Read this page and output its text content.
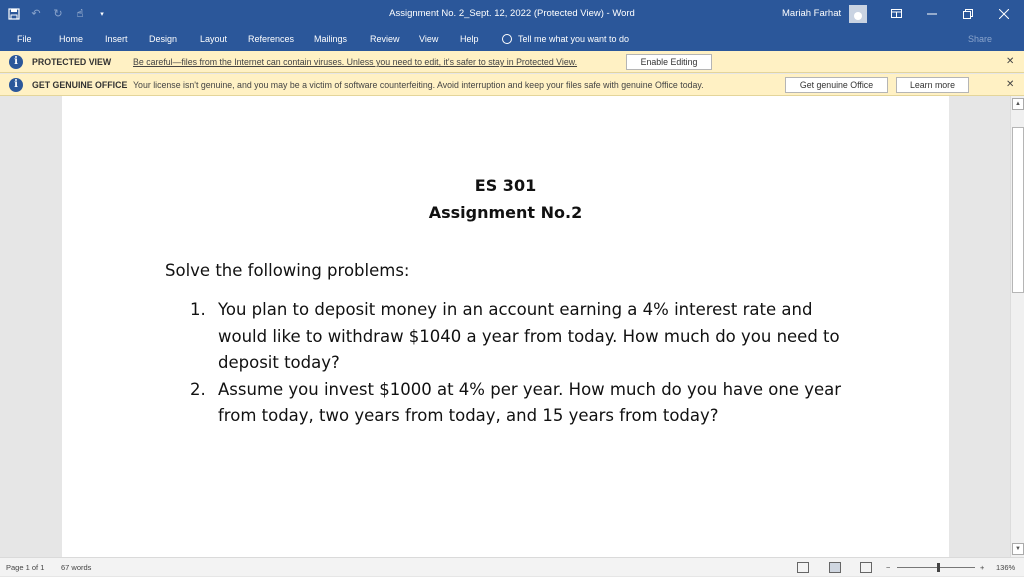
↶	↻	☝	▾	Assignment No. 2_Sept. 12, 2022 (Protected View) - Word	Mariah Farhat
File	Home Insert Design	Layout References Mailings	Review View Help	Tell me what you want to do	Share
i	PROTECTED VIEW Be careful—files from the Internet can contain viruses. Unless you need to edit, it's safer to stay in Protected View.	Enable Editing	✕
i	GET GENUINE OFFICE Your license isn't genuine, and you may be a victim of software counterfeiting. Avoid interruption and keep your files safe with genuine Office today.	Get genuine Office	Learn more	✕
ES 301
Assignment No.2
Solve the following problems:
1. You plan to deposit money in an account earning a 4% interest rate and would like to withdraw $1040 a year from today. How much do you need to deposit today?
2. Assume you invest $1000 at 4% per year. How much do you have one year from today, two years from today, and 15 years from today?
▲
▼
Page 1 of 1 67 words	−	+ 136%
